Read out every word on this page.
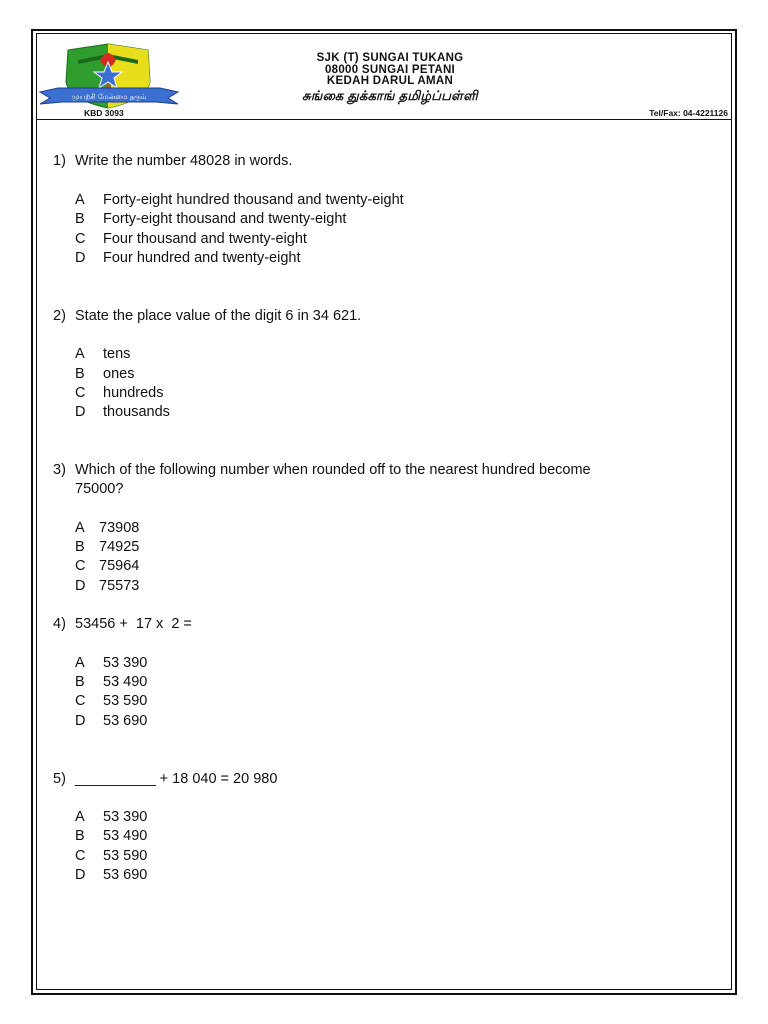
முயற்சி மேன்மை தரும்
SJK (T) SUNGAI TUKANG
08000 SUNGAI PETANI
KEDAH DARUL AMAN
சுங்கை துக்காங் தமிழ்ப்பள்ளி
KBD 3093	Tel/Fax: 04-4221126
1) Write the number 48028 in words.
A	Forty-eight hundred thousand and twenty-eight
B	Forty-eight thousand and twenty-eight
C	Four thousand and twenty-eight
D	Four hundred and twenty-eight
2) State the place value of the digit 6 in 34 621.
A	tens
B	ones
C	hundreds
D	thousands
3) Which of the following number when rounded off to the nearest hundred become
75000?
A 73908
B 74925
C 75964
D 75573
4) 53456 +  17 x  2 =
A	53 390
B	53 490
C	53 590
D	53 690
5) __________ + 18 040 = 20 980
A	53 390
B	53 490
C	53 590
D	53 690
